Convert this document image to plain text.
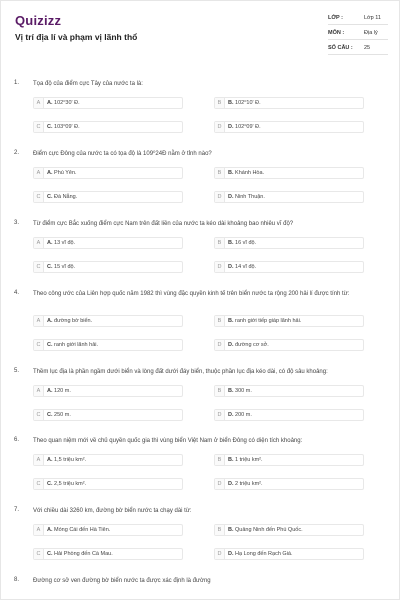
Quizizz
Vị trí địa lí và phạm vị lãnh thổ
LỚP :	Lớp 11
MÔN :	Địa lý
SỐ CÂU : 25
1. Tọa độ của điểm cực Tây của nước ta là:
A	A. 102⁰30' Đ.	B	B. 102⁰10' Đ.
C	C. 103⁰09' Đ.	D	D. 102⁰09' Đ.
2. Điểm cực Đông của nước ta có tọa độ là 109⁰24Đ nằm ở tỉnh nào?
A	A. Phú Yên.	B	B. Khánh Hòa.
C	C. Đà Nẵng.	D	D. Ninh Thuận.
3. Từ điểm cực Bắc xuống điểm cực Nam trên đất liền của nước ta kéo dài khoảng bao nhiêu vĩ độ?
A	A. 13 vĩ độ.	B	B. 16 vĩ độ.
C	C. 15 vĩ độ.	D	D. 14 vĩ độ.
4. Theo công ước của Liên hợp quốc năm 1982 thì vùng đặc quyền kinh tế trên biển nước ta rộng 200 hải lí được tính từ:
A	A. đường bờ biển.	B	B. ranh giới tiếp giáp lãnh hải.
C	C. ranh giới lãnh hải.	D	D. đường cơ sở.
5. Thềm lục địa là phần ngầm dưới biển và lòng đất dưới đáy biển, thuộc phần lục địa kéo dài, có độ sâu khoảng:
A	A. 120 m.	B	B. 300 m.
C	C. 250 m.	D	D. 200 m.
6. Theo quan niệm mới về chủ quyền quốc gia thì vùng biển Việt Nam ở biển Đông có diện tích khoảng:
A	A. 1,5 triệu km².	B	B. 1 triệu km².
C	C. 2,5 triệu km².	D	D. 2 triệu km².
7. Với chiều dài 3260 km, đường bờ biển nước ta chạy dài từ:
A	A. Móng Cái đến Hà Tiên.	B	B. Quảng Ninh đến Phú Quốc.
C	C. Hải Phòng đến Cà Mau.	D	D. Hạ Long đến Rạch Giá.
8. Đường cơ sở ven đường bờ biển nước ta được xác định là đường
